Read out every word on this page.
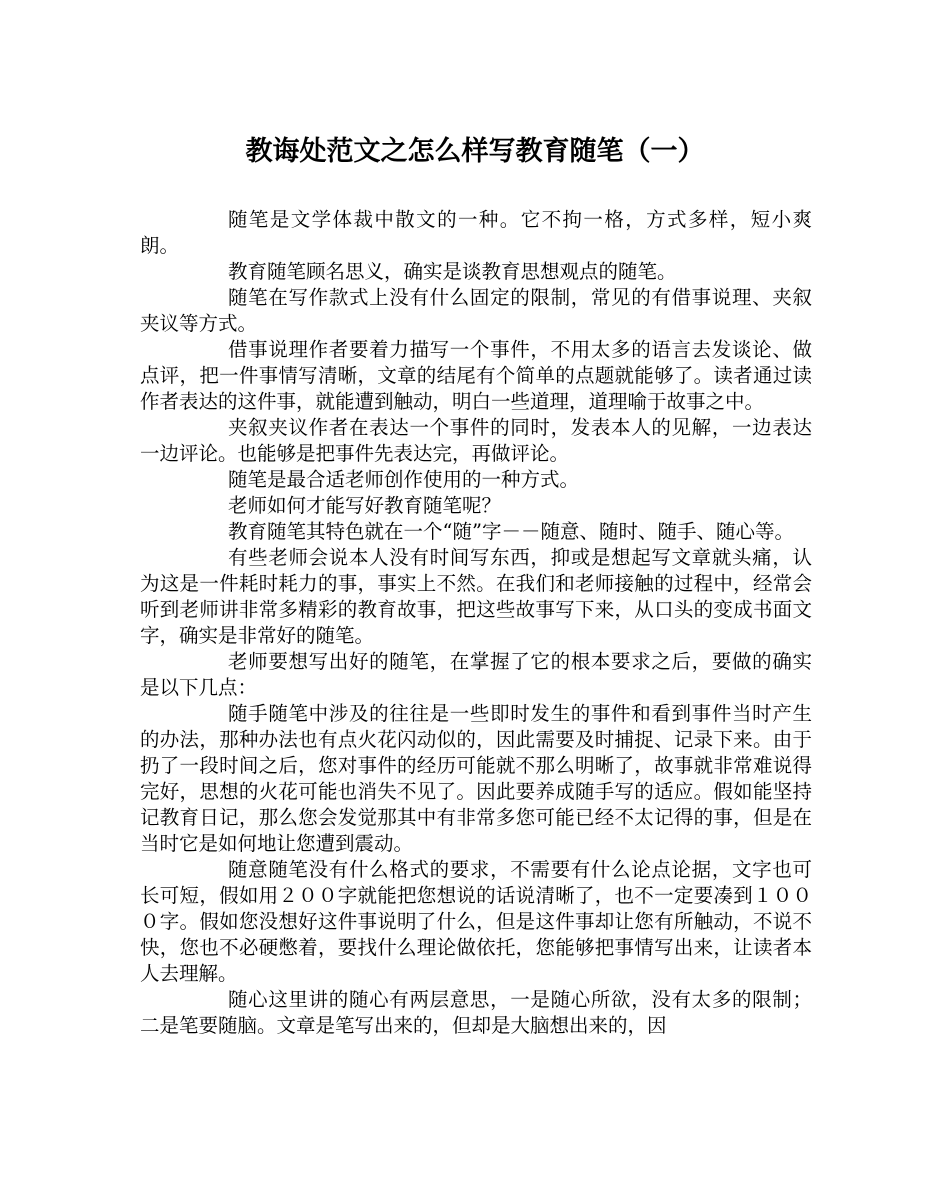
教诲处范文之怎么样写教育随笔（一）

随笔是文学体裁中散文的一种。它不拘一格，方式多样，短小爽朗。

教育随笔顾名思义，确实是谈教育思想观点的随笔。

随笔在写作款式上没有什么固定的限制，常见的有借事说理、夹叙夹议等方式。

借事说理作者要着力描写一个事件，不用太多的语言去发谈论、做点评，把一件事情写清晰，文章的结尾有个简单的点题就能够了。读者通过读作者表达的这件事，就能遭到触动，明白一些道理，道理喻于故事之中。

夹叙夹议作者在表达一个事件的同时，发表本人的见解，一边表达一边评论。也能够是把事件先表达完，再做评论。

随笔是最合适老师创作使用的一种方式。

老师如何才能写好教育随笔呢？

教育随笔其特色就在一个“随”字－－随意、随时、随手、随心等。

有些老师会说本人没有时间写东西，抑或是想起写文章就头痛，认为这是一件耗时耗力的事，事实上不然。在我们和老师接触的过程中，经常会听到老师讲非常多精彩的教育故事，把这些故事写下来，从口头的变成书面文字，确实是非常好的随笔。

老师要想写出好的随笔，在掌握了它的根本要求之后，要做的确实是以下几点：

随手随笔中涉及的往往是一些即时发生的事件和看到事件当时产生的办法，那种办法也有点火花闪动似的，因此需要及时捕捉、记录下来。由于扔了一段时间之后，您对事件的经历可能就不那么明晰了，故事就非常难说得完好，思想的火花可能也消失不见了。因此要养成随手写的适应。假如能坚持记教育日记，那么您会发觉那其中有非常多您可能已经不太记得的事，但是在当时它是如何地让您遭到震动。

随意随笔没有什么格式的要求，不需要有什么论点论据，文字也可长可短，假如用２００字就能把您想说的话说清晰了，也不一定要凑到１０００字。假如您没想好这件事说明了什么，但是这件事却让您有所触动，不说不快，您也不必硬憋着，要找什么理论做依托，您能够把事情写出来，让读者本人去理解。

随心这里讲的随心有两层意思，一是随心所欲，没有太多的限制；二是笔要随脑。文章是笔写出来的，但却是大脑想出来的，因
